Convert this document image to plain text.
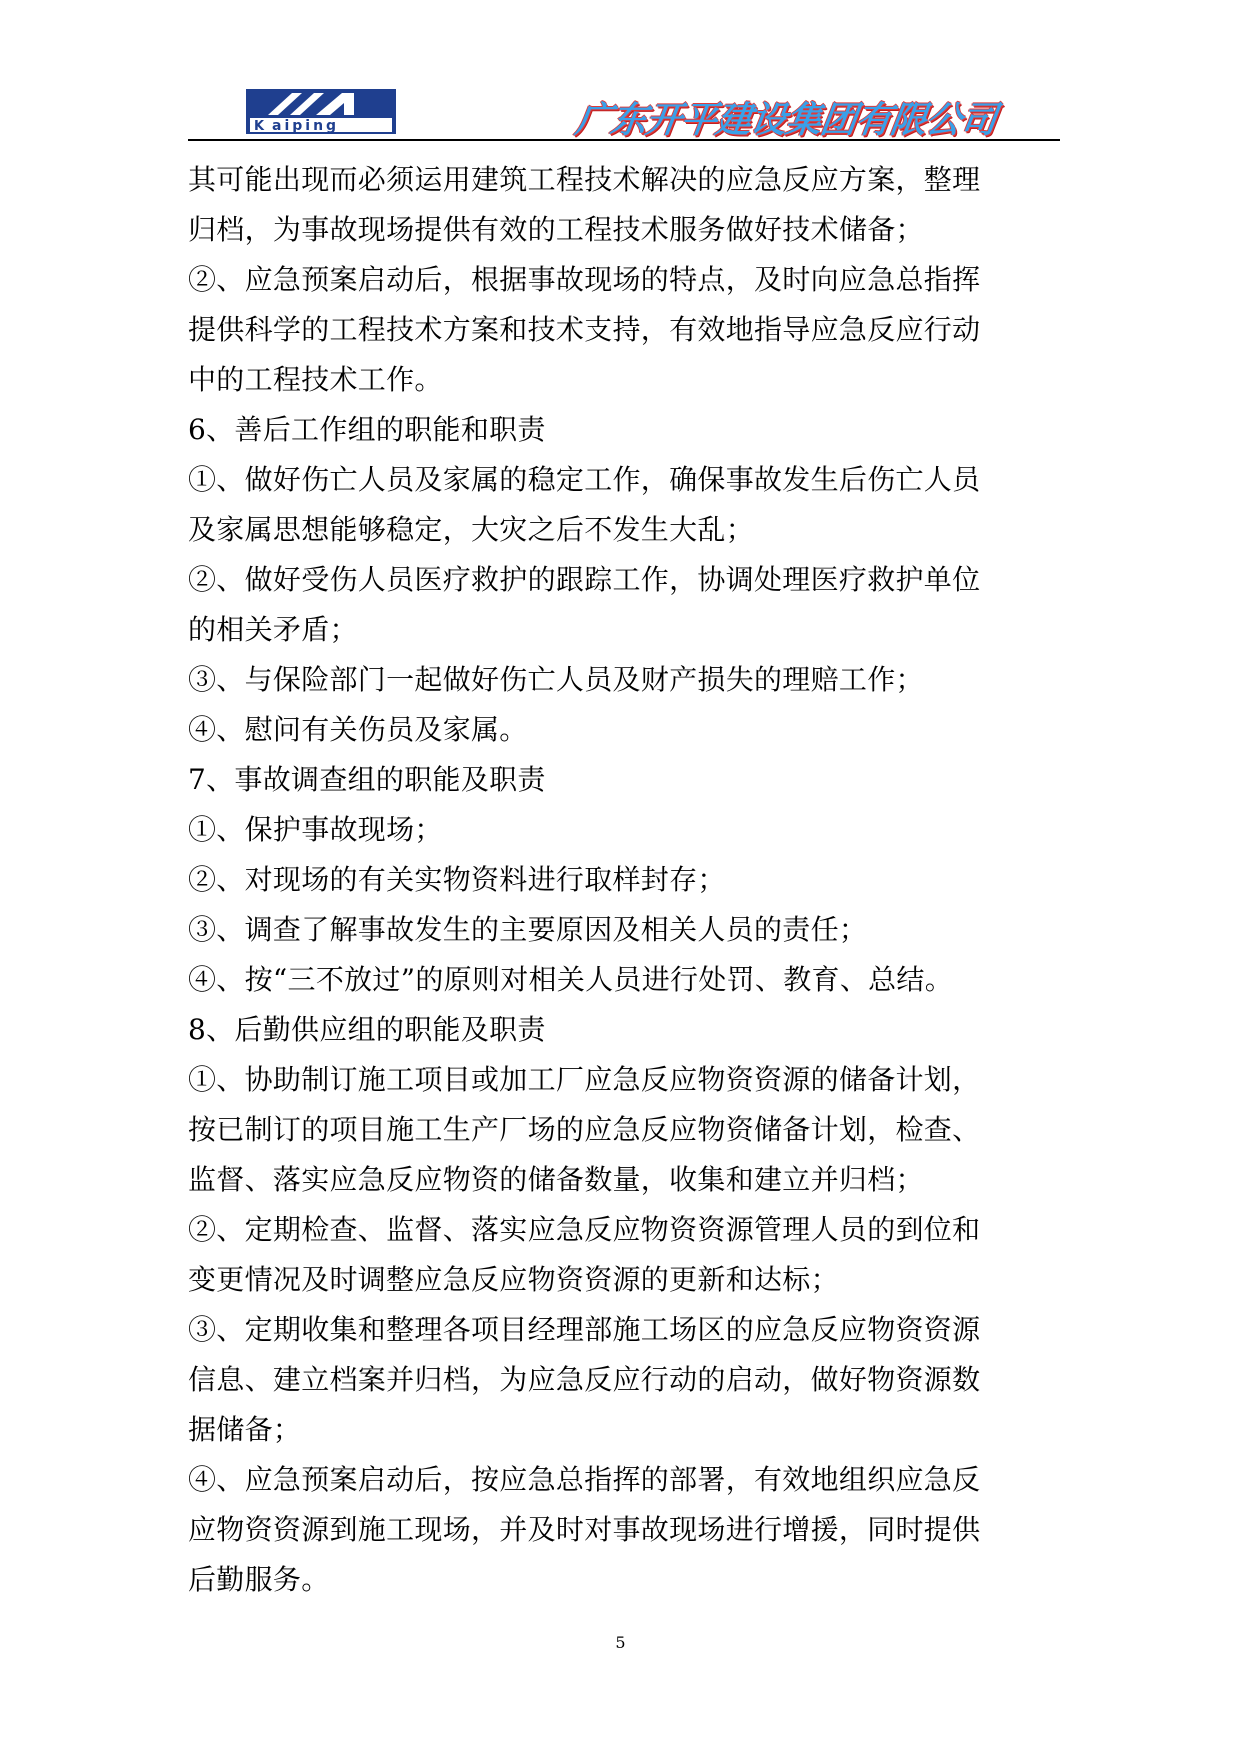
K aiping	广东开平建设集团有限公司
其可能出现而必须运用建筑工程技术解决的应急反应方案，整理
归档，为事故现场提供有效的工程技术服务做好技术储备；
②、应急预案启动后，根据事故现场的特点，及时向应急总指挥
提供科学的工程技术方案和技术支持，有效地指导应急反应行动
中的工程技术工作。
6、善后工作组的职能和职责
①、做好伤亡人员及家属的稳定工作，确保事故发生后伤亡人员
及家属思想能够稳定，大灾之后不发生大乱；
②、做好受伤人员医疗救护的跟踪工作，协调处理医疗救护单位
的相关矛盾；
③、与保险部门一起做好伤亡人员及财产损失的理赔工作；
④、慰问有关伤员及家属。
7、事故调查组的职能及职责
①、保护事故现场；
②、对现场的有关实物资料进行取样封存；
③、调查了解事故发生的主要原因及相关人员的责任；
④、按“三不放过”的原则对相关人员进行处罚、教育、总结。
8、后勤供应组的职能及职责
①、协助制订施工项目或加工厂应急反应物资资源的储备计划，
按已制订的项目施工生产厂场的应急反应物资储备计划，检查、
监督、落实应急反应物资的储备数量，收集和建立并归档；
②、定期检查、监督、落实应急反应物资资源管理人员的到位和
变更情况及时调整应急反应物资资源的更新和达标；
③、定期收集和整理各项目经理部施工场区的应急反应物资资源
信息、建立档案并归档，为应急反应行动的启动，做好物资源数
据储备；
④、应急预案启动后，按应急总指挥的部署，有效地组织应急反
应物资资源到施工现场，并及时对事故现场进行增援，同时提供
后勤服务。
5
